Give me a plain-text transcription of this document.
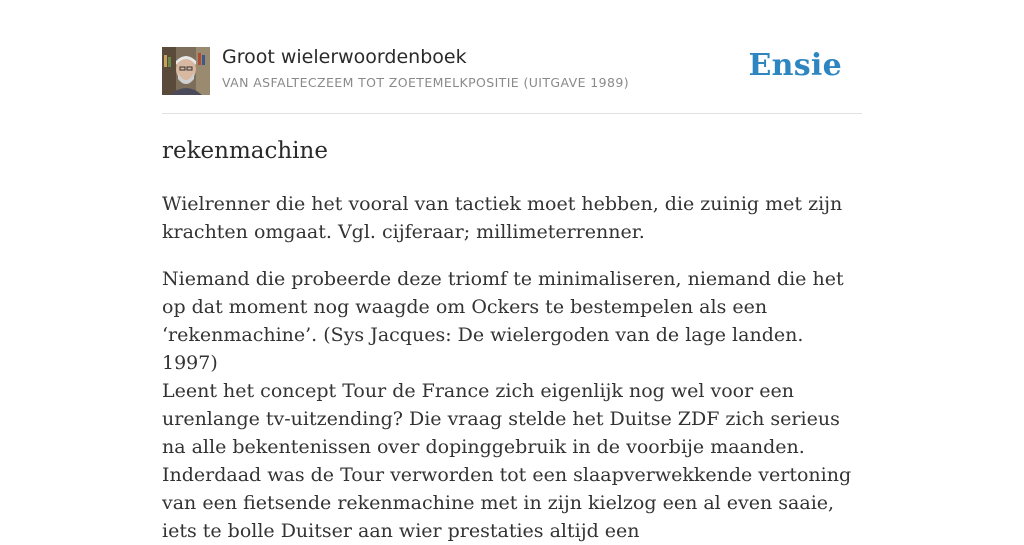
Groot wielerwoordenboek
VAN ASFALTECZEEM TOT ZOETEMELKPOSITIE (UITGAVE 1989)	Ensie
rekenmachine

Wielrenner die het vooral van tactiek moet hebben, die zuinig met zijn krachten omgaat. Vgl. cijferaar; millimeterrenner.

Niemand die probeerde deze triomf te minimaliseren, niemand die het op dat moment nog waagde om Ockers te bestempelen als een ‘rekenmachine’. (Sys Jacques: De wielergoden van de lage landen. 1997)

Leent het concept Tour de France zich eigenlijk nog wel voor een urenlange tv-uitzending? Die vraag stelde het Duitse ZDF zich serieus na alle bekentenissen over dopinggebruik in de voorbije maanden. Inderdaad was de Tour verworden tot een slaapverwekkende vertoning van een fietsende rekenmachine met in zijn kielzog een al even saaie, iets te bolle Duitser aan wier prestaties altijd een
